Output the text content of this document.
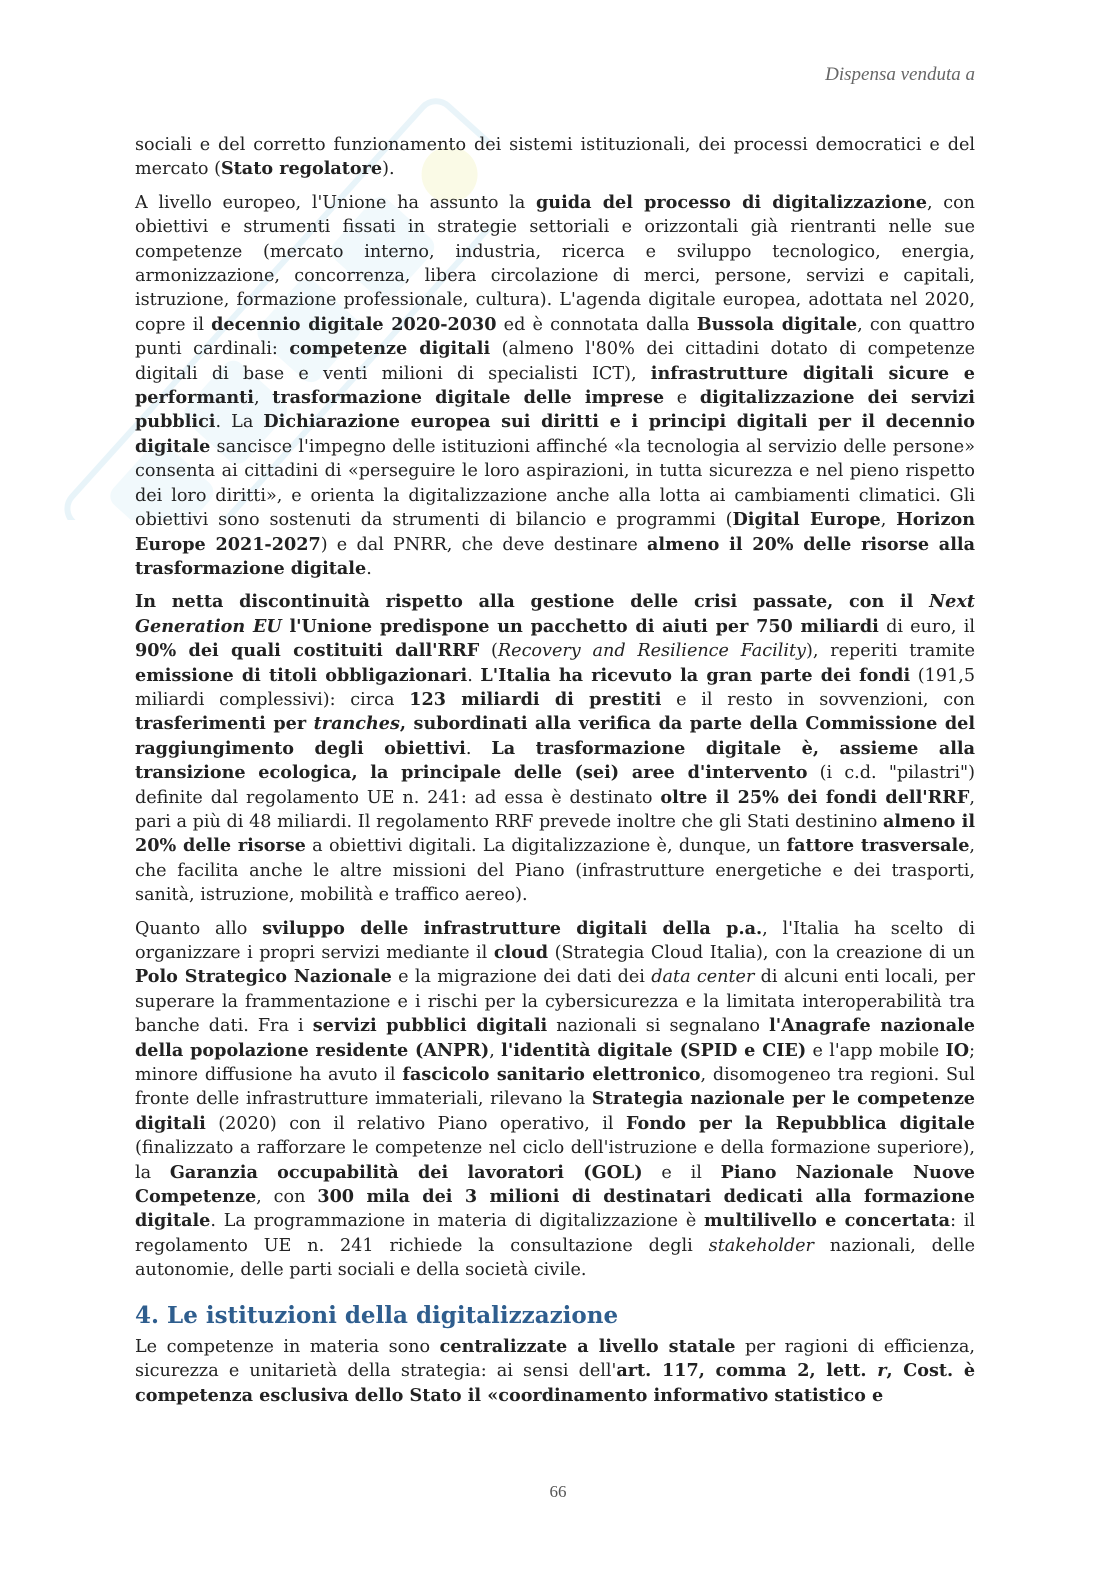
Dispensa venduta a

sociali e del corretto funzionamento dei sistemi istituzionali, dei processi democratici e del mercato (Stato regolatore).

A livello europeo, l'Unione ha assunto la guida del processo di digitalizzazione, con obiettivi e strumenti fissati in strategie settoriali e orizzontali già rientranti nelle sue competenze (mercato interno, industria, ricerca e sviluppo tecnologico, energia, armonizzazione, concorrenza, libera circolazione di merci, persone, servizi e capitali, istruzione, formazione professionale, cultura). L'agenda digitale europea, adottata nel 2020, copre il decennio digitale 2020-2030 ed è connotata dalla Bussola digitale, con quattro punti cardinali: competenze digitali (almeno l'80% dei cittadini dotato di competenze digitali di base e venti milioni di specialisti ICT), infrastrutture digitali sicure e performanti, trasformazione digitale delle imprese e digitalizzazione dei servizi pubblici. La Dichiarazione europea sui diritti e i principi digitali per il decennio digitale sancisce l'impegno delle istituzioni affinché «la tecnologia al servizio delle persone» consenta ai cittadini di «perseguire le loro aspirazioni, in tutta sicurezza e nel pieno rispetto dei loro diritti», e orienta la digitalizzazione anche alla lotta ai cambiamenti climatici. Gli obiettivi sono sostenuti da strumenti di bilancio e programmi (Digital Europe, Horizon Europe 2021-2027) e dal PNRR, che deve destinare almeno il 20% delle risorse alla trasformazione digitale.

In netta discontinuità rispetto alla gestione delle crisi passate, con il Next Generation EU l'Unione predispone un pacchetto di aiuti per 750 miliardi di euro, il 90% dei quali costituiti dall'RRF (Recovery and Resilience Facility), reperiti tramite emissione di titoli obbligazionari. L'Italia ha ricevuto la gran parte dei fondi (191,5 miliardi complessivi): circa 123 miliardi di prestiti e il resto in sovvenzioni, con trasferimenti per tranches, subordinati alla verifica da parte della Commissione del raggiungimento degli obiettivi. La trasformazione digitale è, assieme alla transizione ecologica, la principale delle (sei) aree d'intervento (i c.d. "pilastri") definite dal regolamento UE n. 241: ad essa è destinato oltre il 25% dei fondi dell'RRF, pari a più di 48 miliardi. Il regolamento RRF prevede inoltre che gli Stati destinino almeno il 20% delle risorse a obiettivi digitali. La digitalizzazione è, dunque, un fattore trasversale, che facilita anche le altre missioni del Piano (infrastrutture energetiche e dei trasporti, sanità, istruzione, mobilità e traffico aereo).

Quanto allo sviluppo delle infrastrutture digitali della p.a., l'Italia ha scelto di organizzare i propri servizi mediante il cloud (Strategia Cloud Italia), con la creazione di un Polo Strategico Nazionale e la migrazione dei dati dei data center di alcuni enti locali, per superare la frammentazione e i rischi per la cybersicurezza e la limitata interoperabilità tra banche dati. Fra i servizi pubblici digitali nazionali si segnalano l'Anagrafe nazionale della popolazione residente (ANPR), l'identità digitale (SPID e CIE) e l'app mobile IO; minore diffusione ha avuto il fascicolo sanitario elettronico, disomogeneo tra regioni. Sul fronte delle infrastrutture immateriali, rilevano la Strategia nazionale per le competenze digitali (2020) con il relativo Piano operativo, il Fondo per la Repubblica digitale (finalizzato a rafforzare le competenze nel ciclo dell'istruzione e della formazione superiore), la Garanzia occupabilità dei lavoratori (GOL) e il Piano Nazionale Nuove Competenze, con 300 mila dei 3 milioni di destinatari dedicati alla formazione digitale. La programmazione in materia di digitalizzazione è multilivello e concertata: il regolamento UE n. 241 richiede la consultazione degli stakeholder nazionali, delle autonomie, delle parti sociali e della società civile.

4. Le istituzioni della digitalizzazione

Le competenze in materia sono centralizzate a livello statale per ragioni di efficienza, sicurezza e unitarietà della strategia: ai sensi dell'art. 117, comma 2, lett. r, Cost. è competenza esclusiva dello Stato il «coordinamento informativo statistico e

66
